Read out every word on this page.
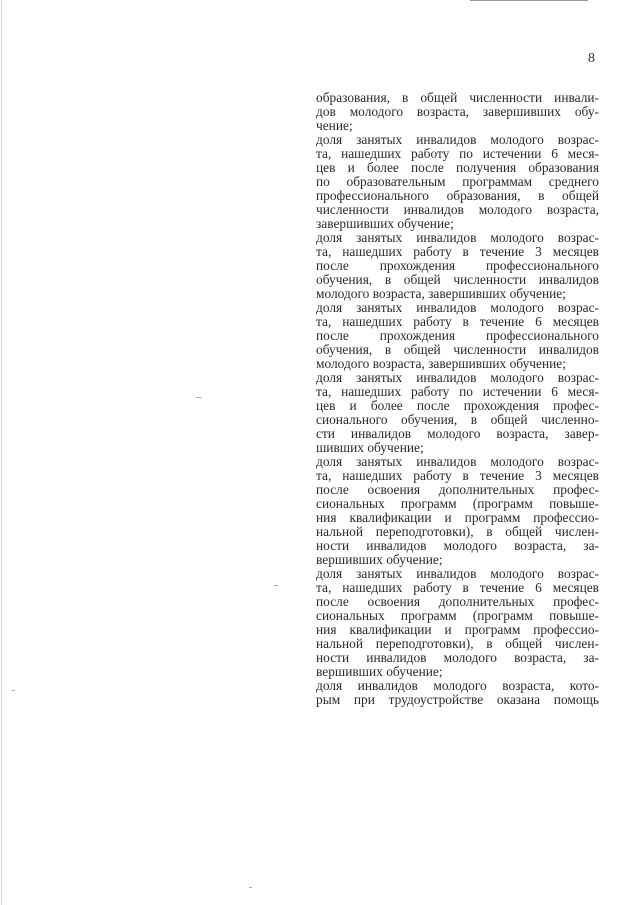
8

образования, в общей численности инвали-
дов молодого возраста, завершивших обу-
чение;
доля занятых инвалидов молодого возрас-
та, нашедших работу по истечении 6 меся-
цев и более после получения образования
по образовательным программам среднего
профессионального образования, в общей
численности инвалидов молодого возраста,
завершивших обучение;
доля занятых инвалидов молодого возрас-
та, нашедших работу в течение 3 месяцев
после прохождения профессионального
обучения, в общей численности инвалидов
молодого возраста, завершивших обучение;
доля занятых инвалидов молодого возрас-
та, нашедших работу в течение 6 месяцев
после прохождения профессионального
обучения, в общей численности инвалидов
молодого возраста, завершивших обучение;
доля занятых инвалидов молодого возрас-
та, нашедших работу по истечении 6 меся-
цев и более после прохождения профес-
сионального обучения, в общей численно-
сти инвалидов молодого возраста, завер-
шивших обучение;
доля занятых инвалидов молодого возрас-
та, нашедших работу в течение 3 месяцев
после освоения дополнительных профес-
сиональных программ (программ повыше-
ния квалификации и программ профессио-
нальной переподготовки), в общей числен-
ности инвалидов молодого возраста, за-
вершивших обучение;
доля занятых инвалидов молодого возрас-
та, нашедших работу в течение 6 месяцев
после освоения дополнительных профес-
сиональных программ (программ повыше-
ния квалификации и программ профессио-
нальной переподготовки), в общей числен-
ности инвалидов молодого возраста, за-
вершивших обучение;
доля инвалидов молодого возраста, кото-
рым при трудоустройстве оказана помощь
